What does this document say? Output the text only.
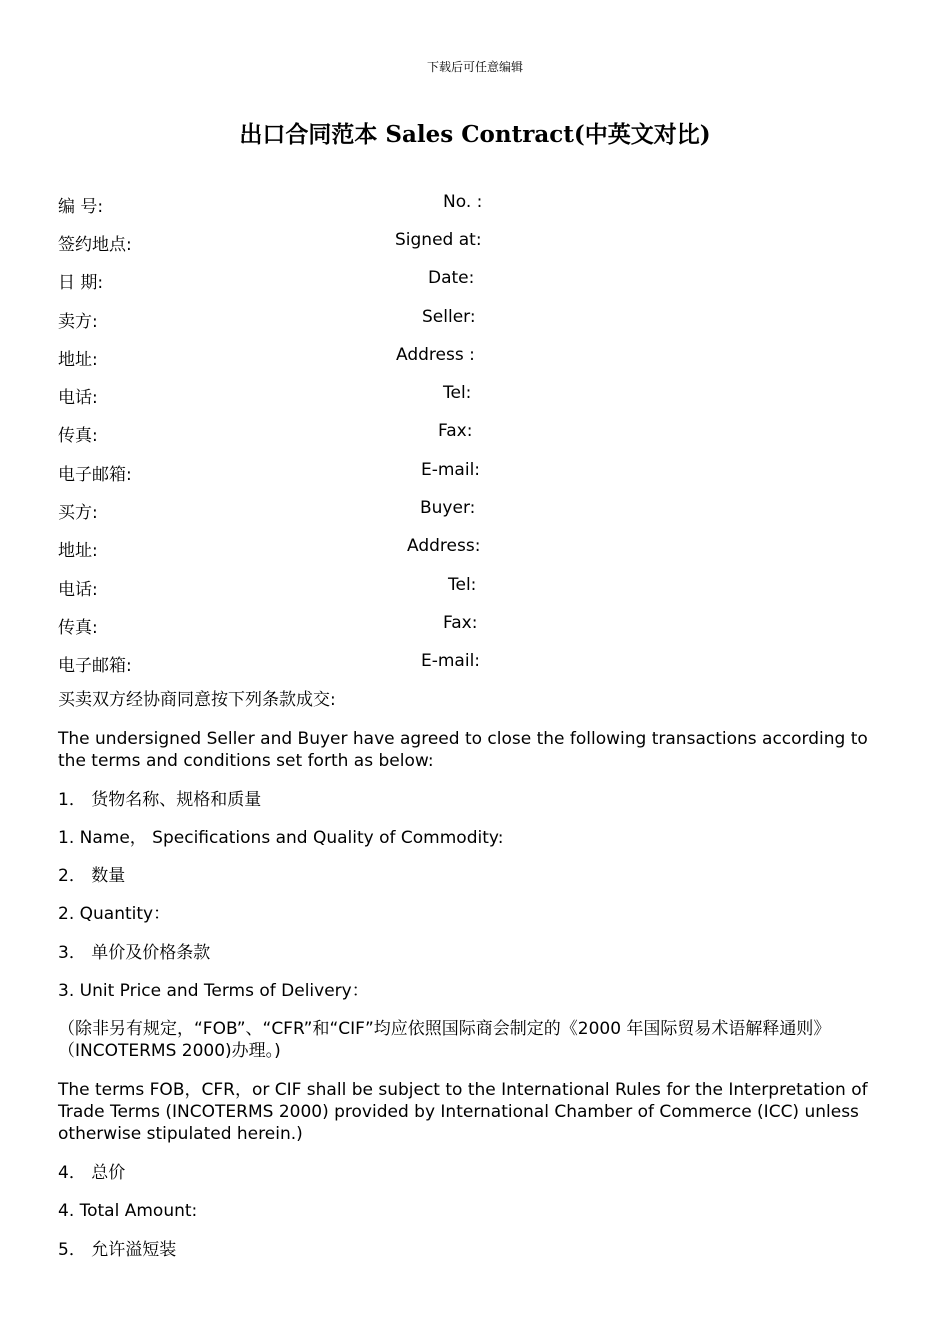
下载后可任意编辑
出口合同范本 Sales Contract(中英文对比)
编 号:	No. :
签约地点:	Signed at:
日 期:	Date:
卖方:	Seller:
地址:	Address :
电话:	Tel:
传真:	Fax:
电子邮箱:	E-mail:
买方:	Buyer:
地址:	Address:
电话:	Tel:
传真:	Fax:
电子邮箱:	E-mail:
买卖双方经协商同意按下列条款成交:
The undersigned Seller and Buyer have agreed to close the following transactions according to the terms and conditions set forth as below:
1． 货物名称、规格和质量
1. Name， Specifications and Quality of Commodity:
2． 数量
2. Quantity：
3． 单价及价格条款
3. Unit Price and Terms of Delivery：
（除非另有规定，“FOB”、“CFR”和“CIF”均应依照国际商会制定的《2000 年国际贸易术语解释通则》（INCOTERMS 2000)办理。)
The terms FOB，CFR，or CIF shall be subject to the International Rules for the Interpretation of Trade Terms (INCOTERMS 2000) provided by International Chamber of Commerce (ICC) unless otherwise stipulated herein.)
4． 总价
4. Total Amount:
5． 允许溢短装
